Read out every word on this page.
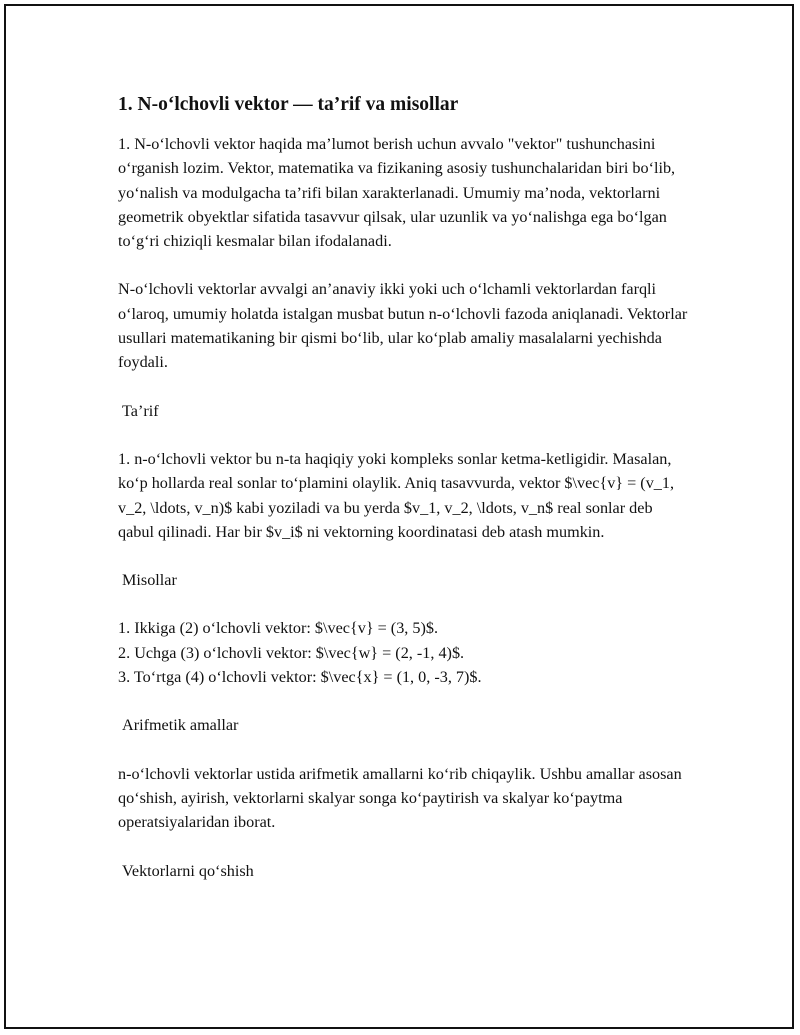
1. N-o‘lchovli vektor — ta’rif va misollar

1. N-o‘lchovli vektor haqida ma’lumot berish uchun avvalo "vektor" tushunchasini o‘rganish lozim. Vektor, matematika va fizikaning asosiy tushunchalaridan biri bo‘lib, yo‘nalish va modulgacha ta’rifi bilan xarakterlanadi. Umumiy ma’noda, vektorlarni geometrik obyektlar sifatida tasavvur qilsak, ular uzunlik va yo‘nalishga ega bo‘lgan to‘g‘ri chiziqli kesmalar bilan ifodalanadi.

N-o‘lchovli vektorlar avvalgi an’anaviy ikki yoki uch o‘lchamli vektorlardan farqli o‘laroq, umumiy holatda istalgan musbat butun n-o‘lchovli fazoda aniqlanadi. Vektorlar usullari matematikaning bir qismi bo‘lib, ular ko‘plab amaliy masalalarni yechishda foydali.

Ta’rif

1. n-o‘lchovli vektor bu n-ta haqiqiy yoki kompleks sonlar ketma-ketligidir. Masalan, ko‘p hollarda real sonlar to‘plamini olaylik. Aniq tasavvurda, vektor $\vec{v} = (v_1, v_2, \ldots, v_n)$ kabi yoziladi va bu yerda $v_1, v_2, \ldots, v_n$ real sonlar deb qabul qilinadi. Har bir $v_i$ ni vektorning koordinatasi deb atash mumkin.

Misollar

1. Ikkiga (2) o‘lchovli vektor: $\vec{v} = (3, 5)$.
2. Uchga (3) o‘lchovli vektor: $\vec{w} = (2, -1, 4)$.
3. To‘rtga (4) o‘lchovli vektor: $\vec{x} = (1, 0, -3, 7)$.

Arifmetik amallar

n-o‘lchovli vektorlar ustida arifmetik amallarni ko‘rib chiqaylik. Ushbu amallar asosan qo‘shish, ayirish, vektorlarni skalyar songa ko‘paytirish va skalyar ko‘paytma operatsiyalaridan iborat.

Vektorlarni qo‘shish
